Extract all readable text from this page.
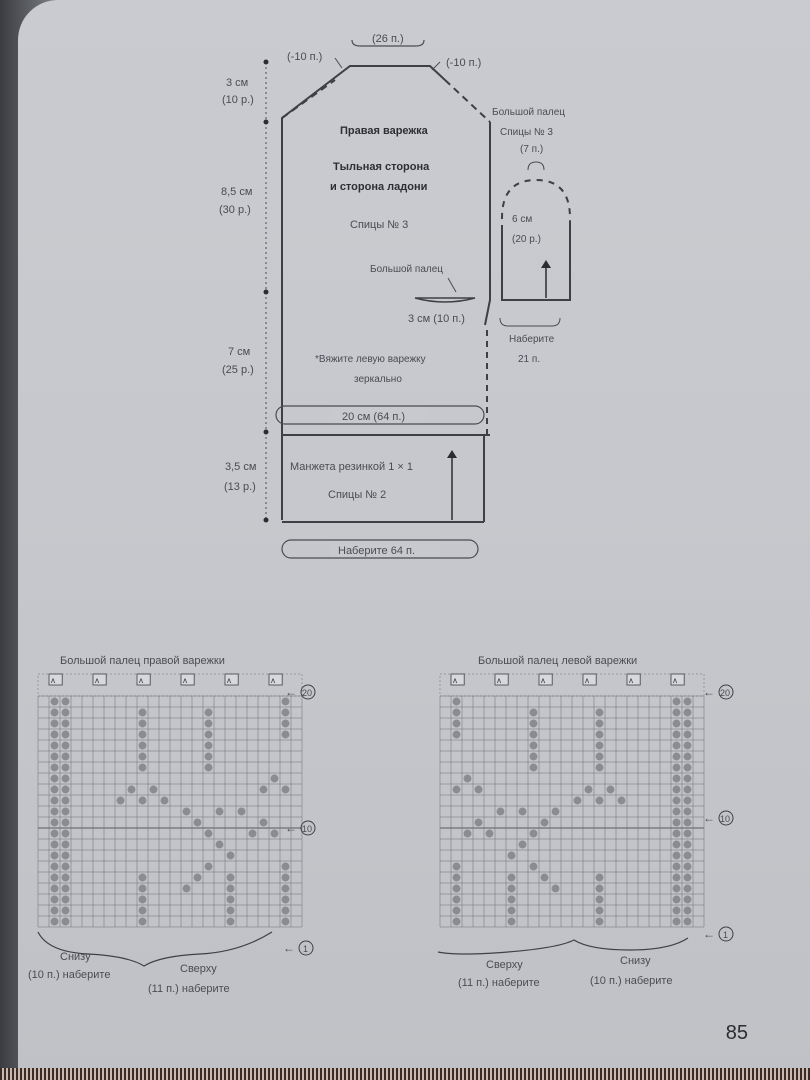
(26 п.)
(-10 п.)	(-10 п.)
3 см
(10 р.)
8,5 см
(30 р.)
7 см
(25 р.)
3,5 см
(13 р.)
Правая варежка
Тыльная сторона
и сторона ладони
Спицы № 3
Большой палец
3 см (10 п.)
*Вяжите левую варежку
зеркально
20 см (64 п.)
Манжета резинкой 1 × 1
Спицы № 2
Наберите 64 п.
Большой палец
Спицы № 3
(7 п.)
6 см
(20 р.)
Наберите
21 п.
Большой палец правой варежки	Большой палец левой варежки
ʌ	ʌ	ʌ	ʌ	ʌ	ʌ	ʌ	ʌ	ʌ	ʌ	ʌ	ʌ
← 20
← 10
← 1
← 20
← 10
← 1
Снизу
(10 п.) наберите	Сверху
(11 п.) наберите
Сверху
(11 п.) наберите
Снизу
(10 п.) наберите
85
